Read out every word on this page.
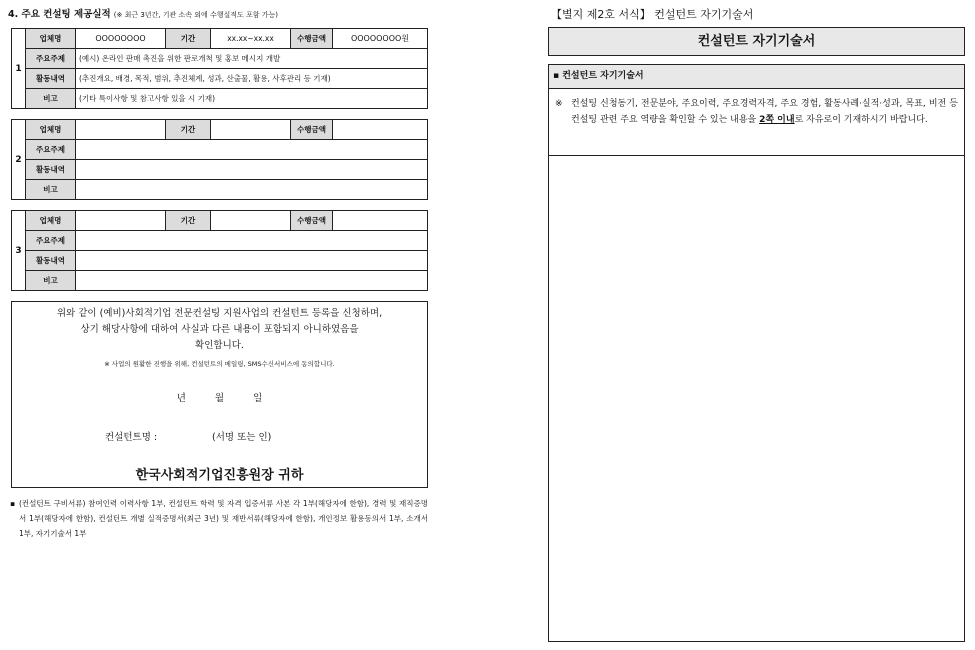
4. 주요 컨설팅 제공실적 (※ 최근 3년간, 기관 소속 외에 수행실적도 포함 가능)
1	업체명	OOOOOOOO	기간	xx.xx~xx.xx	수행금액	OOOOOOOO원
	주요주제	(예시) 온라인 판매 촉진을 위한 판로개척 및 홍보 메시지 개발				
	활동내역	(추진개요, 배경, 목적, 범위, 추진체계, 성과, 산출물, 활용, 사후관리 등 기재)				
	비고	(기타 특이사항 및 참고사항 있을 시 기재)				
2	업체명		기간		수행금액	
	주요주제					
	활동내역					
	비고					
3	업체명		기간		수행금액	
	주요주제					
	활동내역					
	비고					
위와 같이 (예비)사회적기업 전문컨설팅 지원사업의 컨설턴트 등록을 신청하며,
상기 해당사항에 대하여 사실과 다른 내용이 포함되지 아니하였음을
확인합니다.
※ 사업의 원활한 진행을 위해, 컨설턴트의 메일링, SMS수신서비스에 동의합니다.
년 월 일
컨설턴트명 :	(서명 또는 인)
한국사회적기업진흥원장 귀하
▪ (컨설턴트 구비서류) 참여인력 이력사항 1부, 컨설턴트 학력 및 자격 입증서류 사본 각 1부(해당자에 한함), 경력 및 재직증명서 1부(해당자에 한함), 컨설턴트 개별 실적증명서(최근 3년) 및 재반서류(해당자에 한함), 개인정보 활용동의서 1부, 소개서 1부, 자기기술서 1부
【별지 제2호 서식】 컨설턴트 자기기술서
컨설턴트 자기기술서
▪ 컨설턴트 자기기술서
※ 컨설팅 신청동기, 전문분야, 주요이력, 주요경력자격, 주요 경험, 활동사례·실적·성과, 목표, 비전 등 컨설팅 관련 주요 역량을 확인할 수 있는 내용을 2쪽 이내로 자유로이 기재하시기 바랍니다.
